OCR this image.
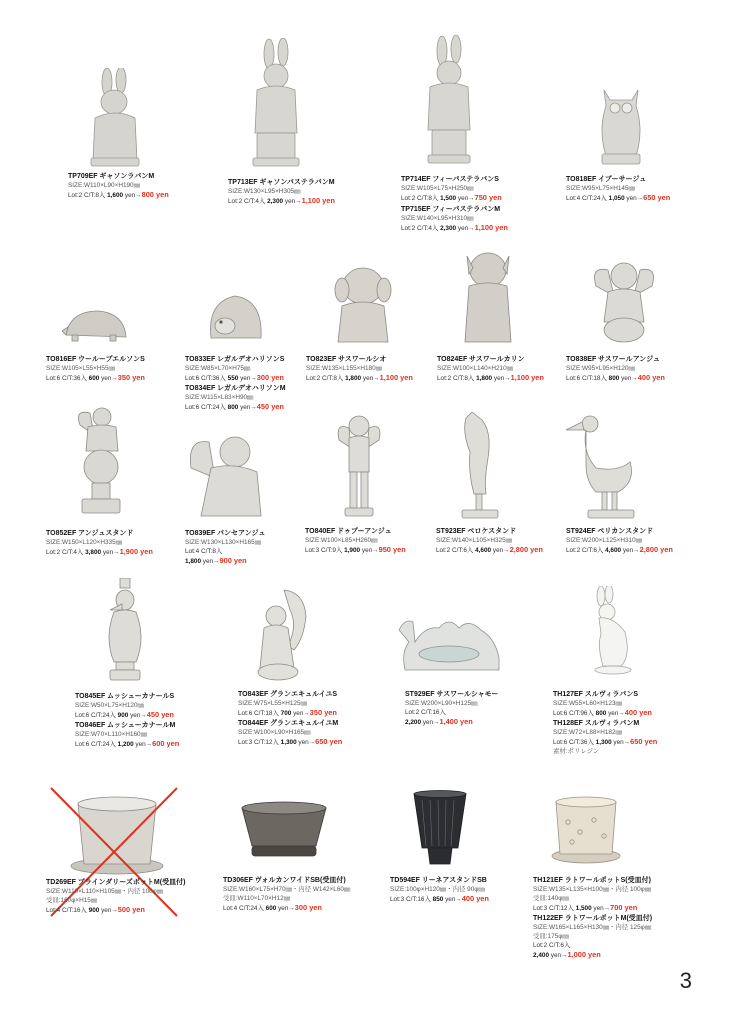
TP709EF ギャソンラバンM
SIZE:W110×L90×H190㎜
Lot:2 C/T:8入 1,600 yen→800 yen
TP713EF ギャソンパステラバンM
SIZE:W130×L95×H305㎜
Lot:2 C/T:4入 2,300 yen→1,100 yen
TP714EF フィーパステラバンS
SIZE:W105×L75×H250㎜
Lot:2 C/T:8入 1,500 yen→750 yen
TP715EF フィーパステラバンM
SIZE:W140×L95×H310㎜
Lot:2 C/T:4入 2,300 yen→1,100 yen
TO818EF イブーサージュ
SIZE:W95×L75×H145㎜
Lot:4 C/T:24入 1,050 yen→650 yen
TO816EF ウーループエルソンS
SIZE:W105×L55×H55㎜
Lot:6 C/T:36入 600 yen→350 yen
TO833EF レガルデオハリソンS
SIZE:W85×L70×H75㎜
Lot:6 C/T:36入 550 yen→300 yen
TO834EF レガルデオハリソンM
SIZE:W115×L83×H90㎜
Lot:6 C/T:24入 800 yen→450 yen
TO823EF サスワールシオ
SIZE:W135×L155×H180㎜
Lot:2 C/T:8入 1,800 yen→1,100 yen
TO824EF サスワールカリン
SIZE:W100×L140×H210㎜
Lot:2 C/T:8入 1,800 yen→1,100 yen
TO838EF サスワールアンジュ
SIZE:W95×L95×H120㎜
Lot:6 C/T:18入 800 yen→400 yen
TO852EF アンジュスタンド
SIZE:W150×L120×H335㎜
Lot:2 C/T:4入 3,800 yen→1,900 yen
TO839EF パンセアンジュ
SIZE:W130×L130×H165㎜
Lot:4 C/T:8入
1,800 yen→900 yen
TO840EF ドゥプーアンジュ
SIZE:W100×L85×H260㎜
Lot:3 C/T:9入 1,900 yen→950 yen
ST923EF ペロケスタンド
SIZE:W140×L105×H325㎜
Lot:2 C/T:6入 4,600 yen→2,800 yen
ST924EF ペリカンスタンド
SIZE:W200×L125×H310㎜
Lot:2 C/T:6入 4,600 yen→2,800 yen
TO845EF ムッシューカナールS
SIZE:W50×L75×H120㎜
Lot:6 C/T:24入 900 yen→450 yen
TO846EF ムッシューカナールM
SIZE:W70×L110×H160㎜
Lot:6 C/T:24入 1,200 yen→600 yen
TO843EF グランエキュルイユS
SIZE:W75×L55×H125㎜
Lot:6 C/T:18入 700 yen→350 yen
TO844EF グランエキュルイユM
SIZE:W100×L90×H165㎜
Lot:3 C/T:12入 1,300 yen→650 yen
ST929EF サスワールシャモー
SIZE:W200×L90×H125㎜
Lot:2 C/T:16入
2,200 yen→1,400 yen
TH127EF スルヴィラパンS
SIZE:W55×L60×H123㎜
Lot:6 C/T:96入 800 yen→400 yen
TH128EF スルヴィラパンM
SIZE:W72×L88×H182㎜
Lot:6 C/T:36入 1,300 yen→650 yen
素材:ポリレジン
TD269EF プラインダリーズポットM(受皿付)
SIZE:W110×L110×H105㎜・内径 100φ㎜
受皿:160φ×H15㎜
Lot:4 C/T:16入 900 yen→500 yen
TD306EF ヴォルカンワイドSB(受皿付)
SIZE:W160×L75×H70㎜・内径 W142×L60㎜
受皿:W110×L70×H12㎜
Lot:4 C/T:24入 600 yen→300 yen
TD594EF リーネアスタンドSB
SIZE:100φ×H120㎜・内径 90φ㎜
Lot:3 C/T:16入 850 yen→400 yen
TH121EF ラトワールポットS(受皿付)
SIZE:W135×L135×H100㎜・内径 100φ㎜
受皿:140φ㎜
Lot:3 C/T:12入 1,500 yen→700 yen
TH122EF ラトワールポットM(受皿付)
SIZE:W165×L165×H130㎜・内径 125φ㎜
受皿:175φ㎜
Lot:2 C/T:6入
2,400 yen→1,000 yen
3
